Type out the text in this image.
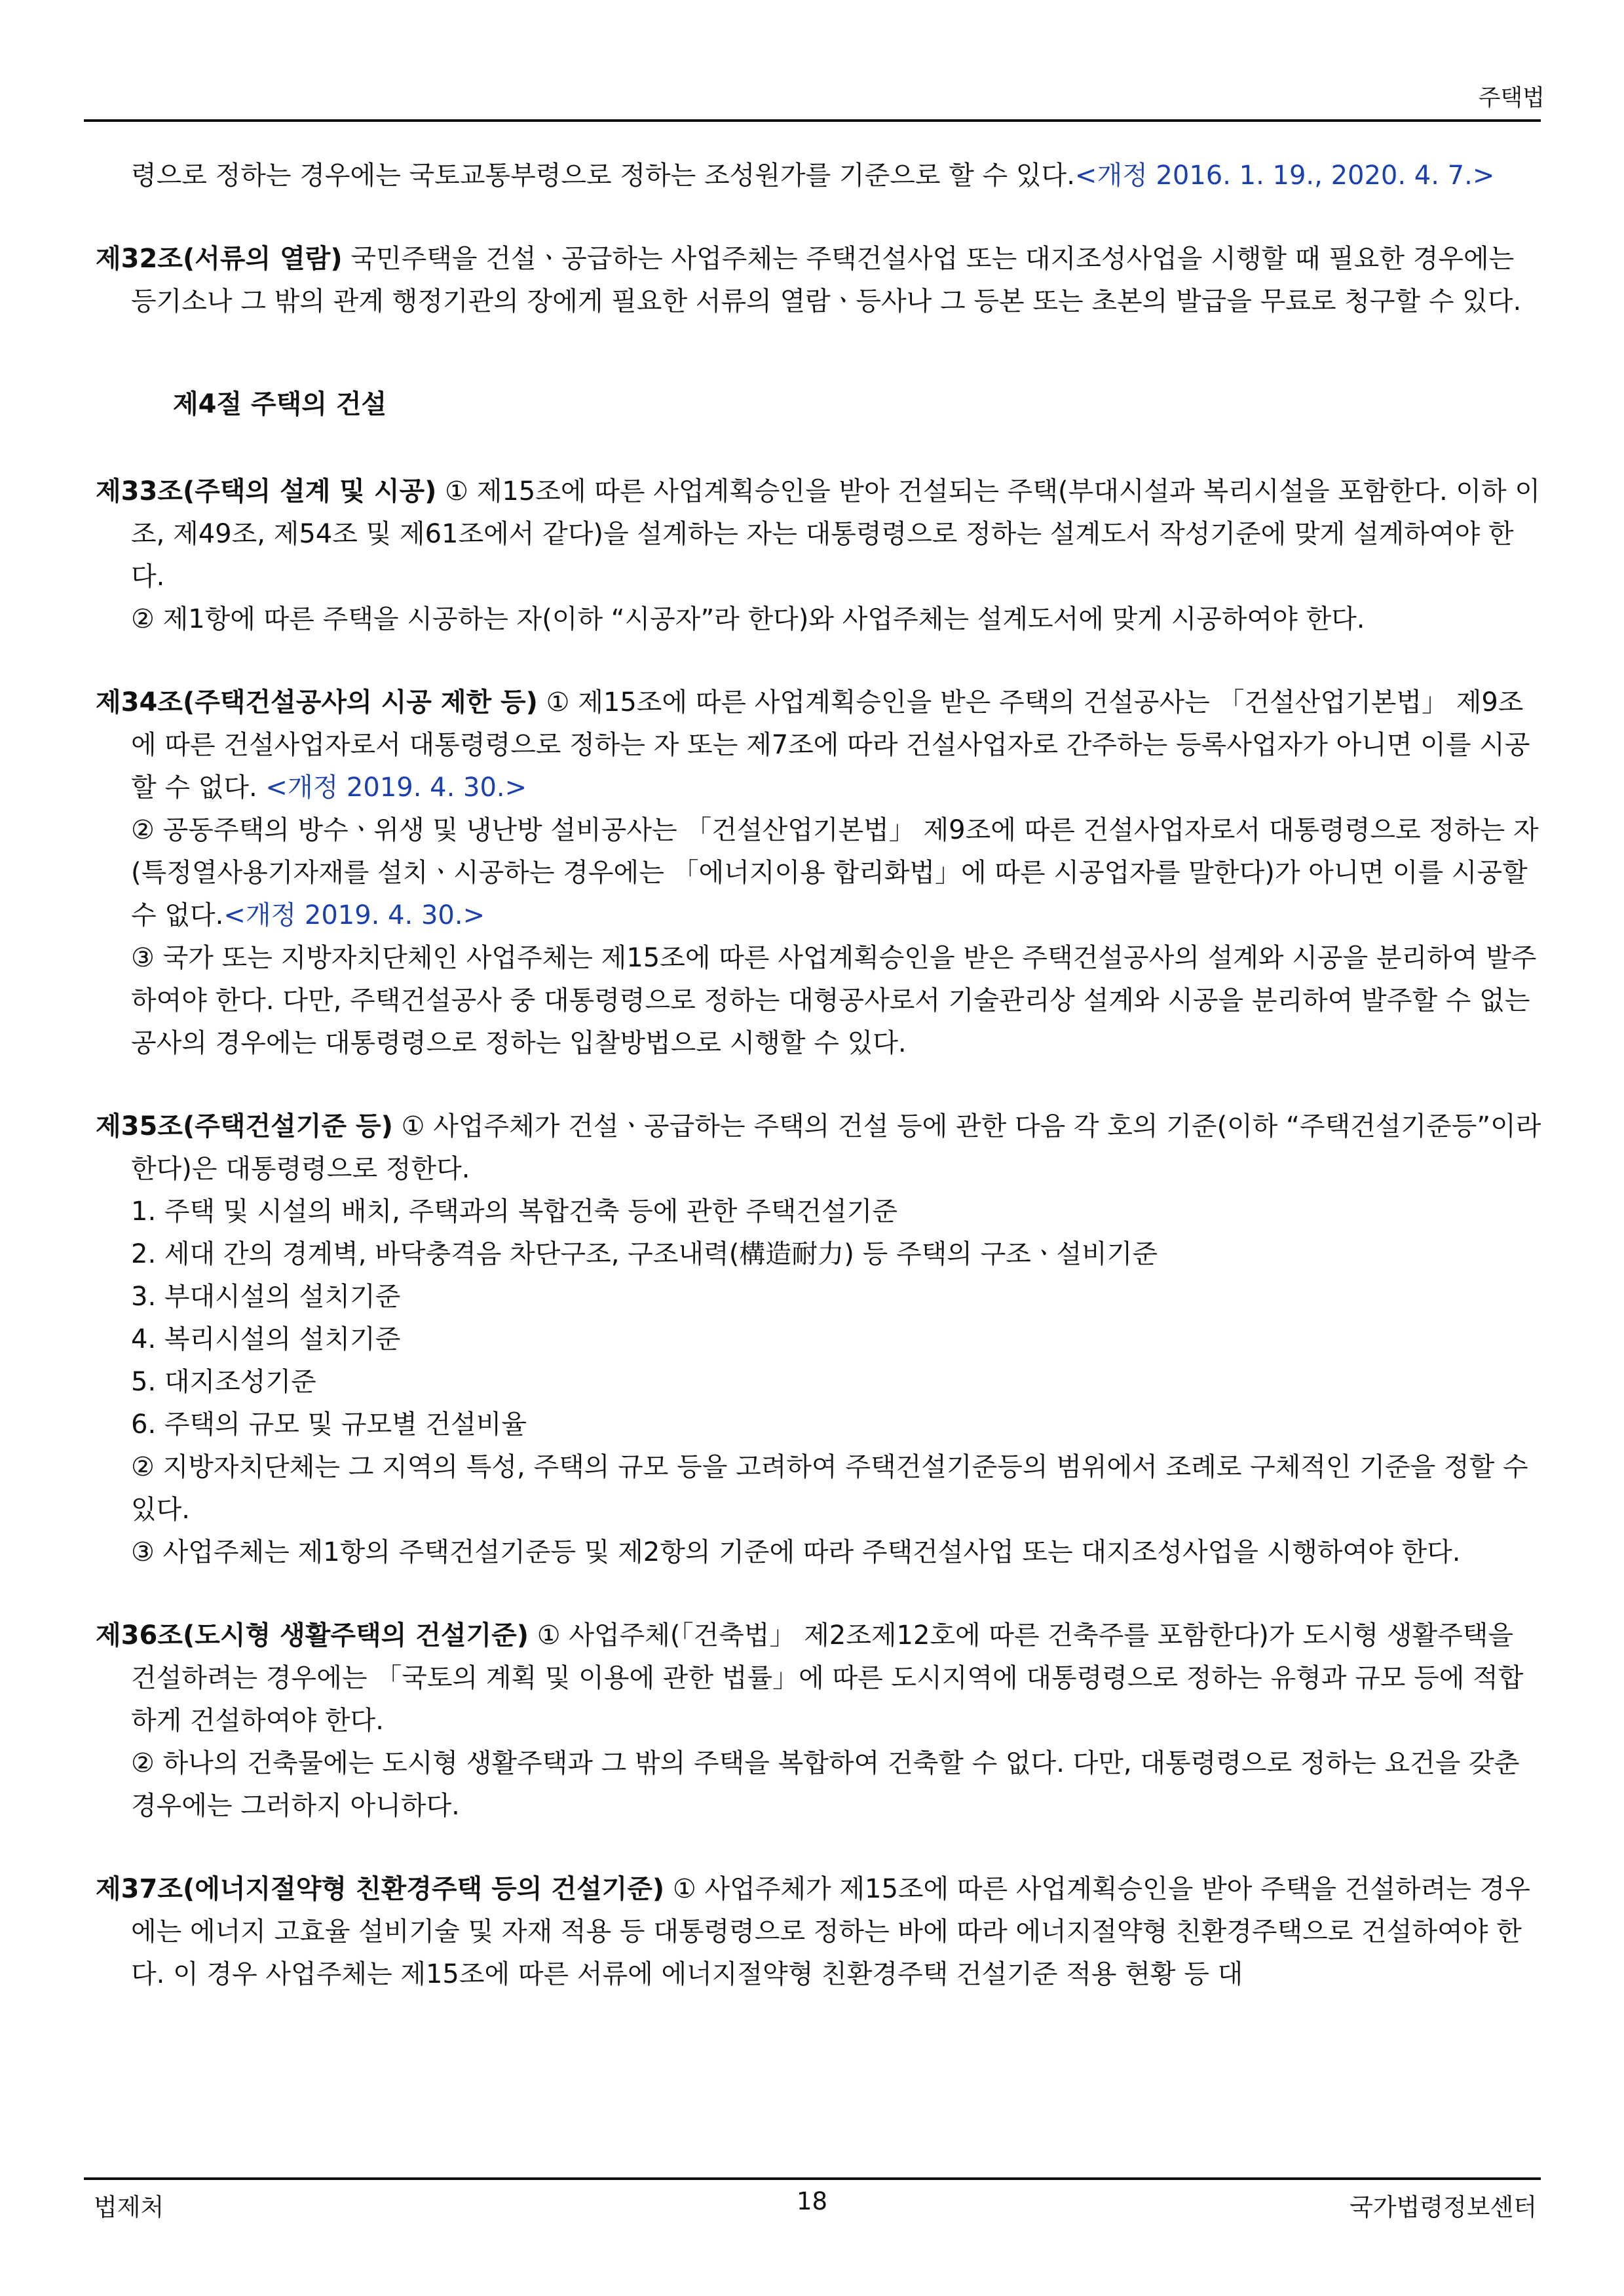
주택법

령으로 정하는 경우에는 국토교통부령으로 정하는 조성원가를 기준으로 할 수 있다.<개정 2016. 1. 19., 2020. 4. 7.>

제32조(서류의 열람) 국민주택을 건설ㆍ공급하는 사업주체는 주택건설사업 또는 대지조성사업을 시행할 때 필요한 경우에는 등기소나 그 밖의 관계 행정기관의 장에게 필요한 서류의 열람ㆍ등사나 그 등본 또는 초본의 발급을 무료로 청구할 수 있다.

제4절 주택의 건설

제33조(주택의 설계 및 시공) ① 제15조에 따른 사업계획승인을 받아 건설되는 주택(부대시설과 복리시설을 포함한다. 이하 이 조, 제49조, 제54조 및 제61조에서 같다)을 설계하는 자는 대통령령으로 정하는 설계도서 작성기준에 맞게 설계하여야 한다.

② 제1항에 따른 주택을 시공하는 자(이하 “시공자”라 한다)와 사업주체는 설계도서에 맞게 시공하여야 한다.

제34조(주택건설공사의 시공 제한 등) ① 제15조에 따른 사업계획승인을 받은 주택의 건설공사는 「건설산업기본법」 제9조에 따른 건설사업자로서 대통령령으로 정하는 자 또는 제7조에 따라 건설사업자로 간주하는 등록사업자가 아니면 이를 시공할 수 없다. <개정 2019. 4. 30.>

② 공동주택의 방수ㆍ위생 및 냉난방 설비공사는 「건설산업기본법」 제9조에 따른 건설사업자로서 대통령령으로 정하는 자(특정열사용기자재를 설치ㆍ시공하는 경우에는 「에너지이용 합리화법」에 따른 시공업자를 말한다)가 아니면 이를 시공할 수 없다.<개정 2019. 4. 30.>

③ 국가 또는 지방자치단체인 사업주체는 제15조에 따른 사업계획승인을 받은 주택건설공사의 설계와 시공을 분리하여 발주하여야 한다. 다만, 주택건설공사 중 대통령령으로 정하는 대형공사로서 기술관리상 설계와 시공을 분리하여 발주할 수 없는 공사의 경우에는 대통령령으로 정하는 입찰방법으로 시행할 수 있다.

제35조(주택건설기준 등) ① 사업주체가 건설ㆍ공급하는 주택의 건설 등에 관한 다음 각 호의 기준(이하 “주택건설기준등”이라 한다)은 대통령령으로 정한다.

1. 주택 및 시설의 배치, 주택과의 복합건축 등에 관한 주택건설기준

2. 세대 간의 경계벽, 바닥충격음 차단구조, 구조내력(構造耐力) 등 주택의 구조ㆍ설비기준

3. 부대시설의 설치기준

4. 복리시설의 설치기준

5. 대지조성기준

6. 주택의 규모 및 규모별 건설비율

② 지방자치단체는 그 지역의 특성, 주택의 규모 등을 고려하여 주택건설기준등의 범위에서 조례로 구체적인 기준을 정할 수 있다.

③ 사업주체는 제1항의 주택건설기준등 및 제2항의 기준에 따라 주택건설사업 또는 대지조성사업을 시행하여야 한다.

제36조(도시형 생활주택의 건설기준) ① 사업주체(「건축법」 제2조제12호에 따른 건축주를 포함한다)가 도시형 생활주택을 건설하려는 경우에는 「국토의 계획 및 이용에 관한 법률」에 따른 도시지역에 대통령령으로 정하는 유형과 규모 등에 적합하게 건설하여야 한다.

② 하나의 건축물에는 도시형 생활주택과 그 밖의 주택을 복합하여 건축할 수 없다. 다만, 대통령령으로 정하는 요건을 갖춘 경우에는 그러하지 아니하다.

제37조(에너지절약형 친환경주택 등의 건설기준) ① 사업주체가 제15조에 따른 사업계획승인을 받아 주택을 건설하려는 경우에는 에너지 고효율 설비기술 및 자재 적용 등 대통령령으로 정하는 바에 따라 에너지절약형 친환경주택으로 건설하여야 한다. 이 경우 사업주체는 제15조에 따른 서류에 에너지절약형 친환경주택 건설기준 적용 현황 등 대

법제처	18	국가법령정보센터
